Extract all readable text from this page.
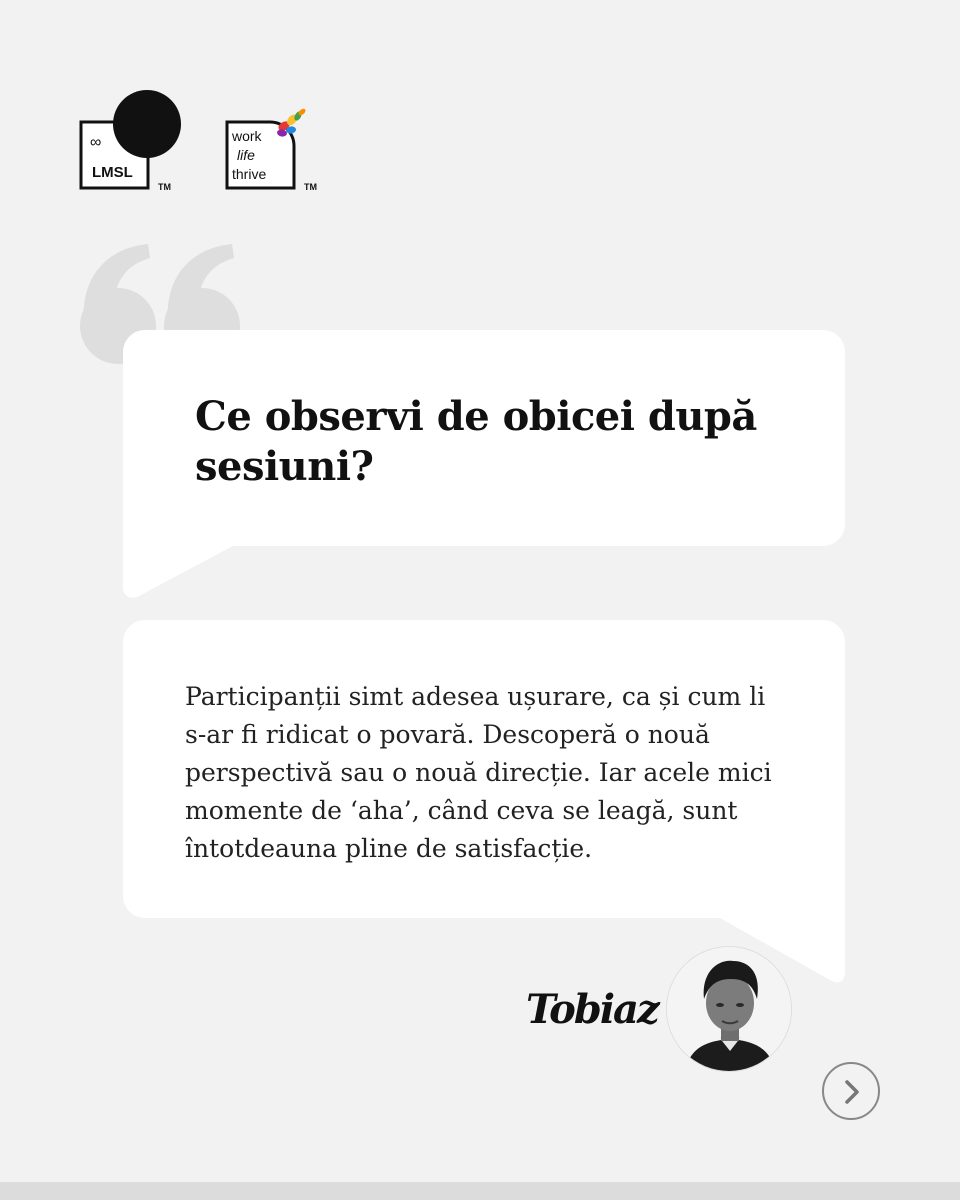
∞
LMSL
TM
work
life
thrive
TM
Ce observi de obicei după sesiuni?
Participanții simt adesea ușurare, ca și cum li s-ar fi ridicat o povară. Descoperă o nouă perspectivă sau o nouă direcție. Iar acele mici momente de ‘aha’, când ceva se leagă, sunt întotdeauna pline de satisfacție.
Tobiaz
